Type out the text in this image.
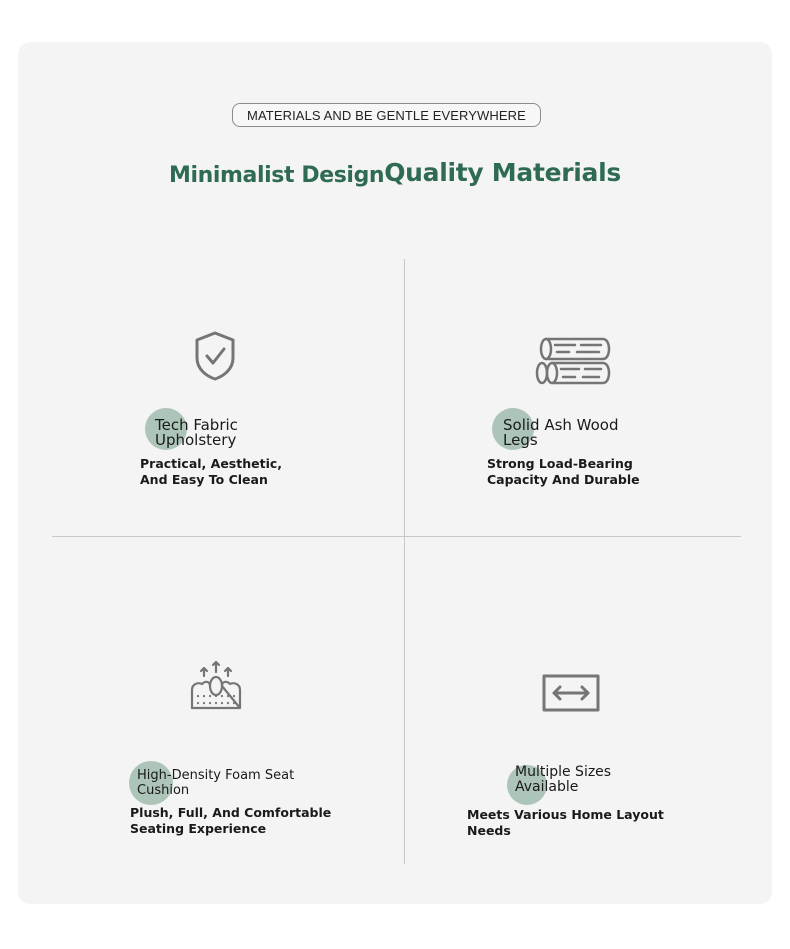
MATERIALS AND BE GENTLE EVERYWHERE
Minimalist DesignQuality Materials
Tech Fabric
Upholstery
Practical, Aesthetic,
And Easy To Clean
Solid Ash Wood
Legs
Strong Load-Bearing
Capacity And Durable
High-Density Foam Seat
Cushion
Plush, Full, And Comfortable
Seating Experience
Multiple Sizes
Available
Meets Various Home Layout
Needs
